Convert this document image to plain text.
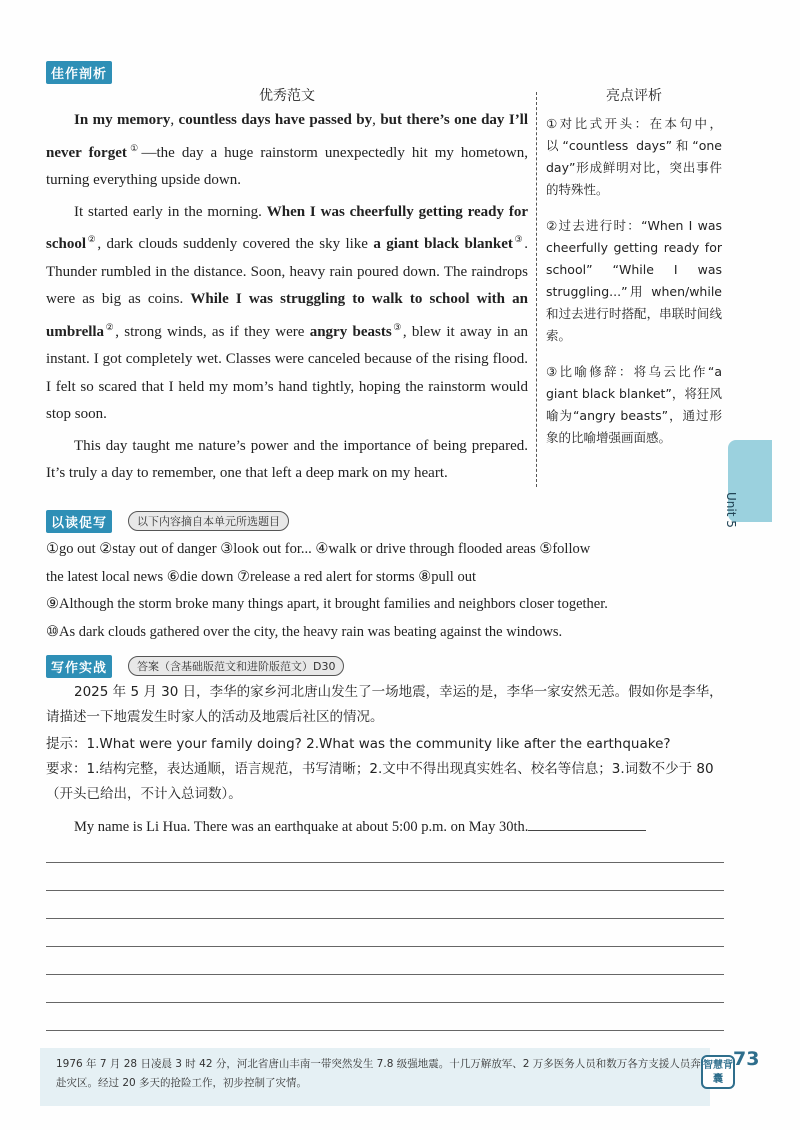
佳作剖析
优秀范文

In my memory, countless days have passed by, but there’s one day I’ll never forget①—the day a huge rainstorm unexpectedly hit my hometown, turning everything upside down.

It started early in the morning. When I was cheerfully getting ready for school②, dark clouds suddenly covered the sky like a giant black blanket③. Thunder rumbled in the distance. Soon, heavy rain poured down. The raindrops were as big as coins. While I was struggling to walk to school with an umbrella②, strong winds, as if they were angry beasts③, blew it away in an instant. I got completely wet. Classes were canceled because of the rising flood. I felt so scared that I held my mom’s hand tightly, hoping the rainstorm would stop soon.

This day taught me nature’s power and the importance of being prepared. It’s truly a day to remember, one that left a deep mark on my heart.

亮点评析

①对比式开头：在本句中，以“countless days”和“one day”形成鲜明对比，突出事件的特殊性。

②过去进行时：“When I was cheerfully getting ready for school” “While I was struggling...”用 when/while 和过去进行时搭配，串联时间线索。

③比喻修辞：将乌云比作“a giant black blanket”，将狂风喻为“angry beasts”，通过形象的比喻增强画面感。

Unit 5
以读促写	以下内容摘自本单元所选题目
①go out ②stay out of danger ③look out for... ④walk or drive through flooded areas ⑤follow
the latest local news ⑥die down ⑦release a red alert for storms ⑧pull out
⑨Although the storm broke many things apart, it brought families and neighbors closer together.
⑩As dark clouds gathered over the city, the heavy rain was beating against the windows.
写作实战	答案（含基础版范文和进阶版范文）D30
2025 年 5 月 30 日，李华的家乡河北唐山发生了一场地震，幸运的是，李华一家安然无恙。假如你是李华，请描述一下地震发生时家人的活动及地震后社区的情况。
提示：1.What were your family doing? 2.What was the community like after the earthquake?
要求：1.结构完整，表达通顺，语言规范，书写清晰；2.文中不得出现真实姓名、校名等信息；3.词数不少于 80（开头已给出，不计入总词数）。
My name is Li Hua. There was an earthquake at about 5:00 p.m. on May 30th.

1976 年 7 月 28 日凌晨 3 时 42 分，河北省唐山丰南一带突然发生 7.8 级强地震。十几万解放军、2 万多医务人员和数万各方支援人员奔赴灾区。经过 20 多天的抢险工作，初步控制了灾情。

智慧背囊
73
